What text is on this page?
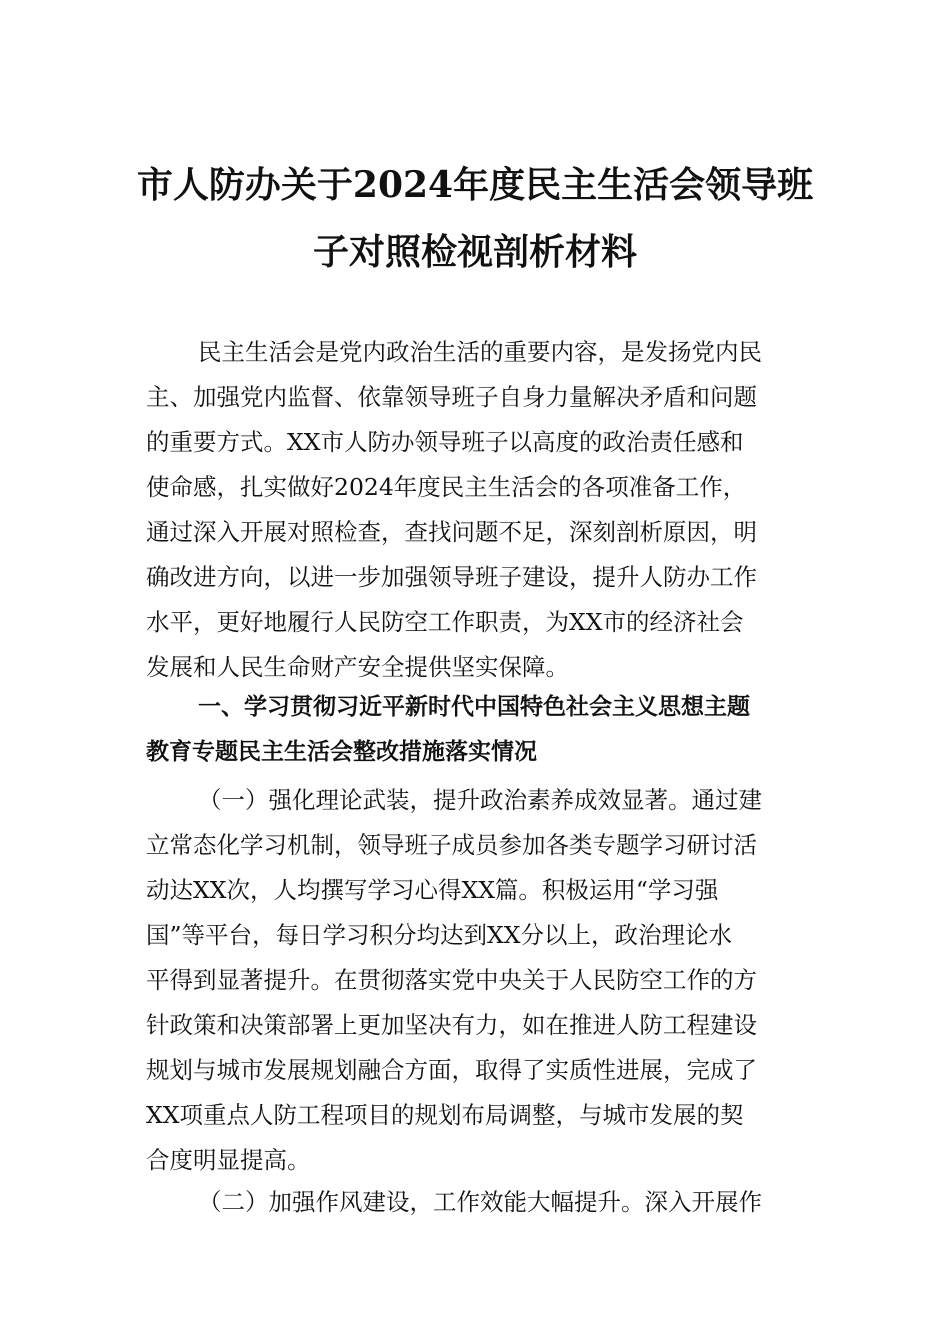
市人防办关于2024年度民主生活会领导班
子对照检视剖析材料

民主生活会是党内政治生活的重要内容，是发扬党内民
主、加强党内监督、依靠领导班子自身力量解决矛盾和问题
的重要方式。XX市人防办领导班子以高度的政治责任感和
使命感，扎实做好2024年度民主生活会的各项准备工作，
通过深入开展对照检查，查找问题不足，深刻剖析原因，明
确改进方向，以进一步加强领导班子建设，提升人防办工作
水平，更好地履行人民防空工作职责，为XX市的经济社会
发展和人民生命财产安全提供坚实保障。

一、学习贯彻习近平新时代中国特色社会主义思想主题
教育专题民主生活会整改措施落实情况

（一）强化理论武装，提升政治素养成效显著。通过建
立常态化学习机制，领导班子成员参加各类专题学习研讨活
动达XX次，人均撰写学习心得XX篇。积极运用“学习强
国”等平台，每日学习积分均达到XX分以上，政治理论水
平得到显著提升。在贯彻落实党中央关于人民防空工作的方
针政策和决策部署上更加坚决有力，如在推进人防工程建设
规划与城市发展规划融合方面，取得了实质性进展，完成了
XX项重点人防工程项目的规划布局调整，与城市发展的契
合度明显提高。

（二）加强作风建设，工作效能大幅提升。深入开展作
